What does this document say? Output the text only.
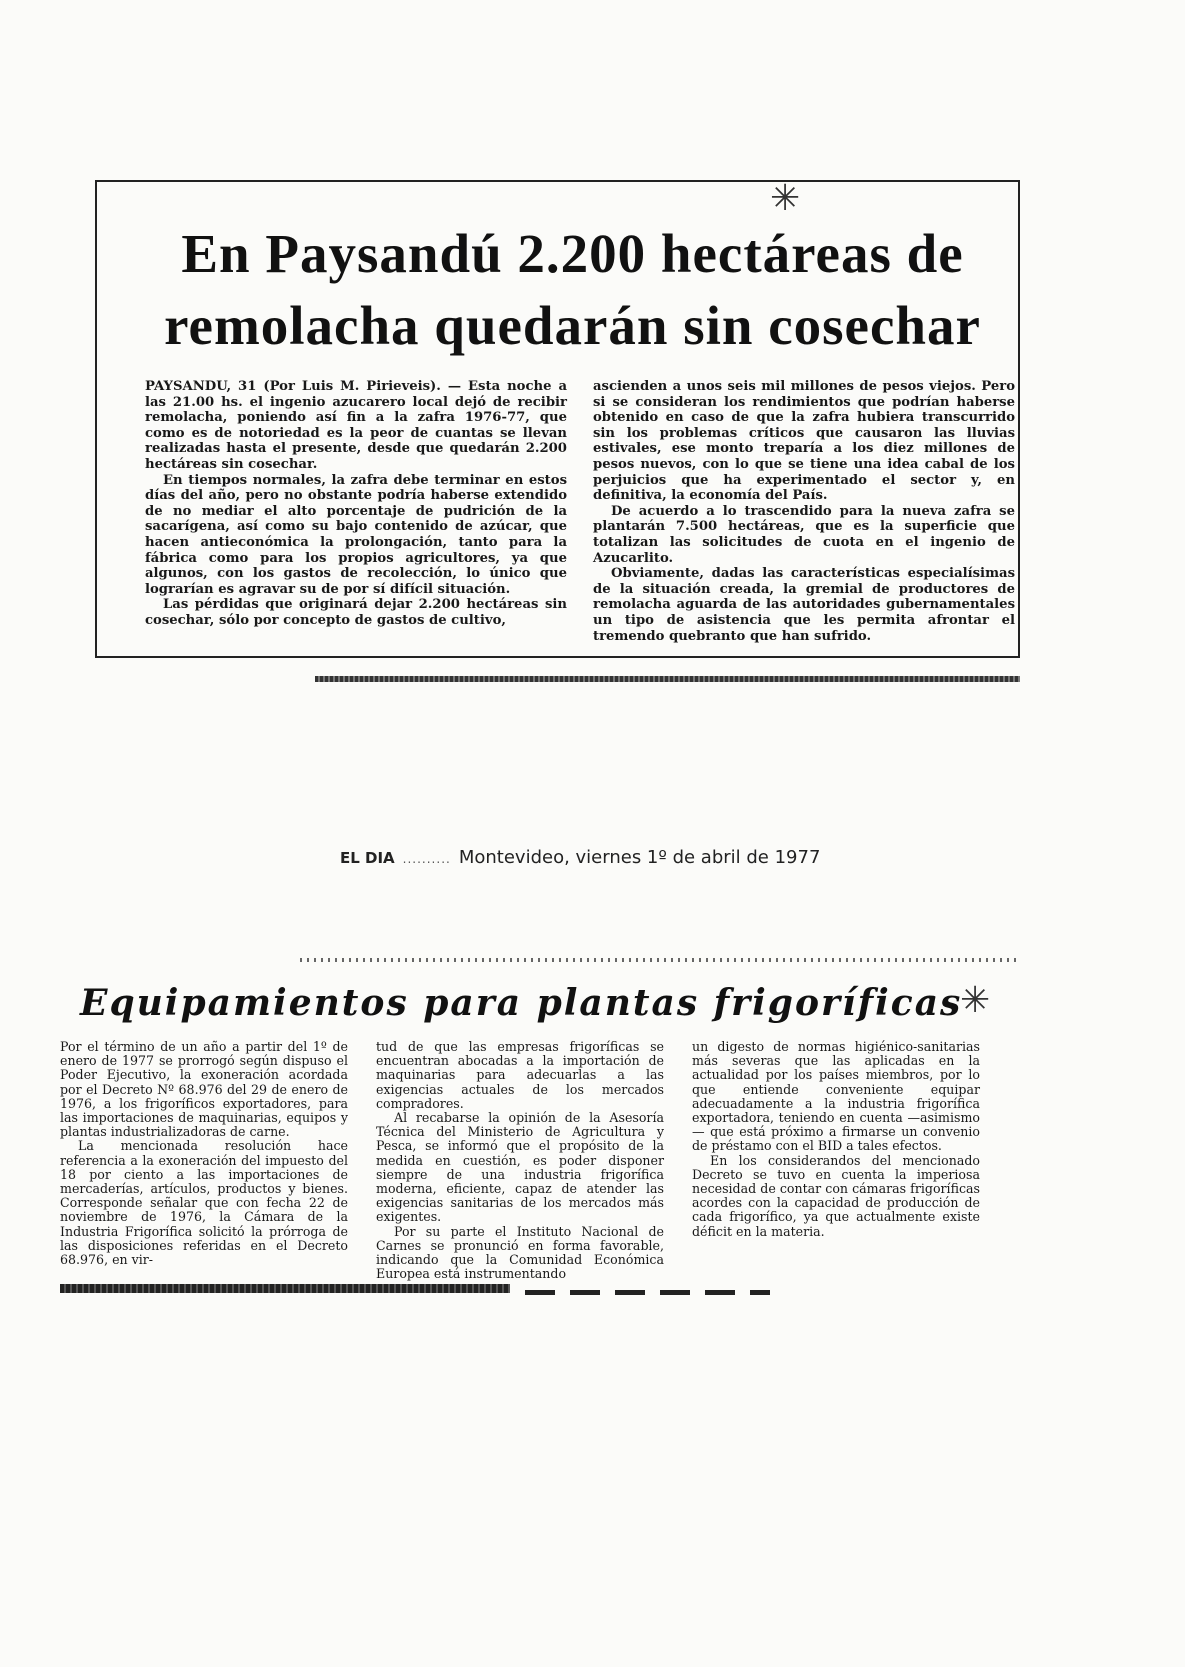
En Paysandú 2.200 hectáreas de
remolacha quedarán sin cosechar

PAYSANDU, 31 (Por Luis M. Pirieveis). — Esta noche a las 21.00 hs. el ingenio azucarero local dejó de recibir remolacha, poniendo así fin a la zafra 1976-77, que como es de notoriedad es la peor de cuantas se llevan realizadas hasta el presente, desde que quedarán 2.200 hectáreas sin cosechar.

En tiempos normales, la zafra debe terminar en estos días del año, pero no obstante podría haberse extendido de no mediar el alto porcentaje de pudrición de la sacarígena, así como su bajo contenido de azúcar, que hacen antieconómica la prolongación, tanto para la fábrica como para los propios agricultores, ya que algunos, con los gastos de recolección, lo único que lograrían es agravar su de por sí difícil situación.

Las pérdidas que originará dejar 2.200 hectáreas sin cosechar, sólo por concepto de gastos de cultivo,

ascienden a unos seis mil millones de pesos viejos. Pero si se consideran los rendimientos que podrían haberse obtenido en caso de que la zafra hubiera transcurrido sin los problemas críticos que causaron las lluvias estivales, ese monto treparía a los diez millones de pesos nuevos, con lo que se tiene una idea cabal de los perjuicios que ha experimentado el sector y, en definitiva, la economía del País.

De acuerdo a lo trascendido para la nueva zafra se plantarán 7.500 hectáreas, que es la superficie que totalizan las solicitudes de cuota en el ingenio de Azucarlito.

Obviamente, dadas las características especialísimas de la situación creada, la gremial de productores de remolacha aguarda de las autoridades gubernamentales un tipo de asistencia que les permita afrontar el tremendo quebranto que han sufrido.

✳
EL DIA .......... Montevideo, viernes 1º de abril de 1977
Equipamientos para plantas frigoríficas
✳

Por el término de un año a partir del 1º de enero de 1977 se prorrogó según dispuso el Poder Ejecutivo, la exoneración acordada por el Decreto Nº 68.976 del 29 de enero de 1976, a los frigoríficos exportadores, para las importaciones de maquinarias, equipos y plantas industrializadoras de carne.

La mencionada resolución hace referencia a la exoneración del impuesto del 18 por ciento a las importaciones de mercaderías, artículos, productos y bienes. Corresponde señalar que con fecha 22 de noviembre de 1976, la Cámara de la Industria Frigorífica solicitó la prórroga de las disposiciones referidas en el Decreto 68.976, en vir-

tud de que las empresas frigoríficas se encuentran abocadas a la importación de maquinarias para adecuarlas a las exigencias actuales de los mercados compradores.

Al recabarse la opinión de la Asesoría Técnica del Ministerio de Agricultura y Pesca, se informó que el propósito de la medida en cuestión, es poder disponer siempre de una industria frigorífica moderna, eficiente, capaz de atender las exigencias sanitarias de los mercados más exigentes.

Por su parte el Instituto Nacional de Carnes se pronunció en forma favorable, indicando que la Comunidad Económica Europea está instrumentando

un digesto de normas higiénico-sanitarias más severas que las aplicadas en la actualidad por los países miembros, por lo que entiende conveniente equipar adecuadamente a la industria frigorífica exportadora, teniendo en cuenta —asimismo— que está próximo a firmarse un convenio de préstamo con el BID a tales efectos.

En los considerandos del mencionado Decreto se tuvo en cuenta la imperiosa necesidad de contar con cámaras frigoríficas acordes con la capacidad de producción de cada frigorífico, ya que actualmente existe déficit en la materia.
